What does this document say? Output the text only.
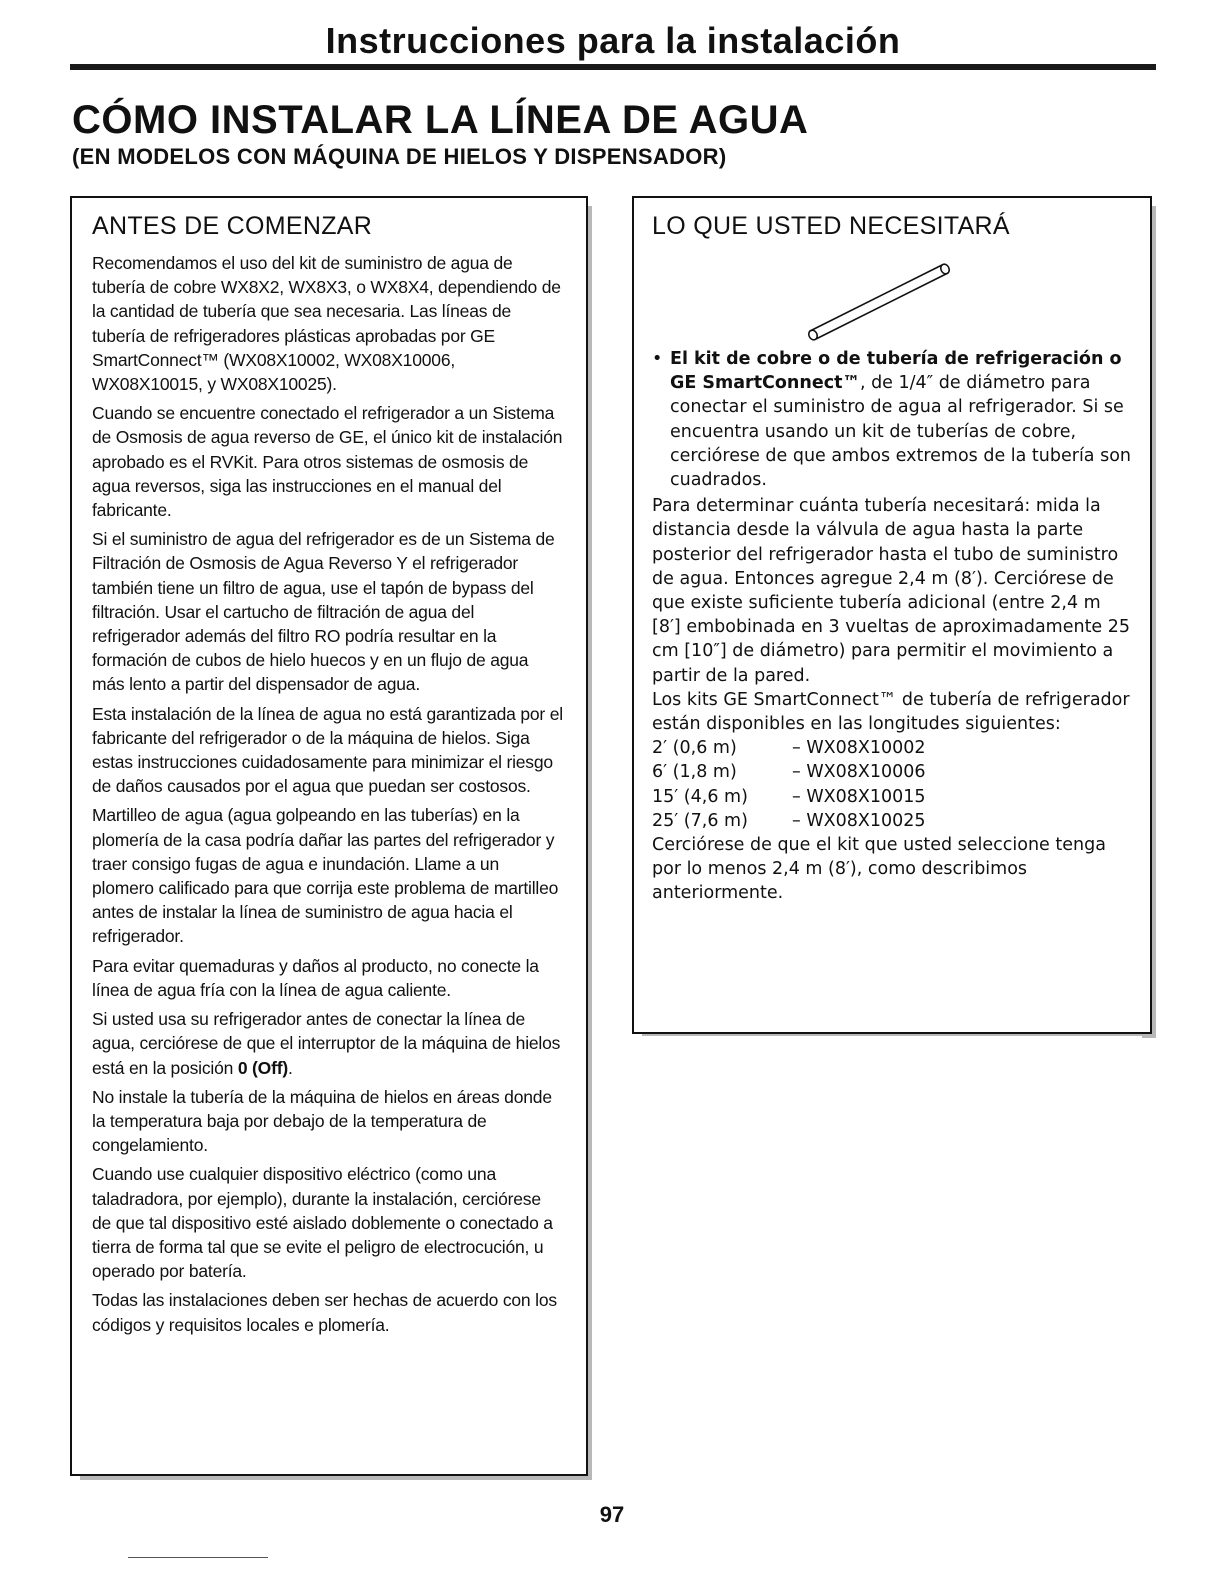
Instrucciones para la instalación
CÓMO INSTALAR LA LÍNEA DE AGUA
(EN MODELOS CON MÁQUINA DE HIELOS Y DISPENSADOR)
ANTES DE COMENZAR

Recomendamos el uso del kit de suministro de agua de tubería de cobre WX8X2, WX8X3, o WX8X4, dependiendo de la cantidad de tubería que sea necesaria. Las líneas de tubería de refrigeradores plásticas aprobadas por GE SmartConnect™ (WX08X10002, WX08X10006, WX08X10015, y WX08X10025).

Cuando se encuentre conectado el refrigerador a un Sistema de Osmosis de agua reverso de GE, el único kit de instalación aprobado es el RVKit. Para otros sistemas de osmosis de agua reversos, siga las instrucciones en el manual del fabricante.

Si el suministro de agua del refrigerador es de un Sistema de Filtración de Osmosis de Agua Reverso Y el refrigerador también tiene un filtro de agua, use el tapón de bypass del filtración. Usar el cartucho de filtración de agua del refrigerador además del filtro RO podría resultar en la formación de cubos de hielo huecos y en un flujo de agua más lento a partir del dispensador de agua.

Esta instalación de la línea de agua no está garantizada por el fabricante del refrigerador o de la máquina de hielos. Siga estas instrucciones cuidadosamente para minimizar el riesgo de daños causados por el agua que puedan ser costosos.

Martilleo de agua (agua golpeando en las tuberías) en la plomería de la casa podría dañar las partes del refrigerador y traer consigo fugas de agua e inundación. Llame a un plomero calificado para que corrija este problema de martilleo antes de instalar la línea de suministro de agua hacia el refrigerador.

Para evitar quemaduras y daños al producto, no conecte la línea de agua fría con la línea de agua caliente.

Si usted usa su refrigerador antes de conectar la línea de agua, cerciórese de que el interruptor de la máquina de hielos está en la posición 0 (Off).

No instale la tubería de la máquina de hielos en áreas donde la temperatura baja por debajo de la temperatura de congelamiento.

Cuando use cualquier dispositivo eléctrico (como una taladradora, por ejemplo), durante la instalación, cerciórese de que tal dispositivo esté aislado doblemente o conectado a tierra de forma tal que se evite el peligro de electrocución, u operado por batería.

Todas las instalaciones deben ser hechas de acuerdo con los códigos y requisitos locales e plomería.

LO QUE USTED NECESITARÁ
• El kit de cobre o de tubería de refrigeración o GE SmartConnect™, de 1/4″ de diámetro para conectar el suministro de agua al refrigerador. Si se encuentra usando un kit de tuberías de cobre, cerciórese de que ambos extremos de la tubería son cuadrados.

Para determinar cuánta tubería necesitará: mida la distancia desde la válvula de agua hasta la parte posterior del refrigerador hasta el tubo de suministro de agua. Entonces agregue 2,4 m (8′). Cerciórese de que existe suficiente tubería adicional (entre 2,4 m [8′] embobinada en 3 vueltas de aproximadamente 25 cm [10″] de diámetro) para permitir el movimiento a partir de la pared.

Los kits GE SmartConnect™ de tubería de refrigerador están disponibles en las longitudes siguientes:

2′ (0,6 m)	– WX08X10002
6′ (1,8 m)	– WX08X10006
15′ (4,6 m)	– WX08X10015
25′ (7,6 m)	– WX08X10025

Cerciórese de que el kit que usted seleccione tenga por lo menos 2,4 m (8′), como describimos anteriormente.

97
